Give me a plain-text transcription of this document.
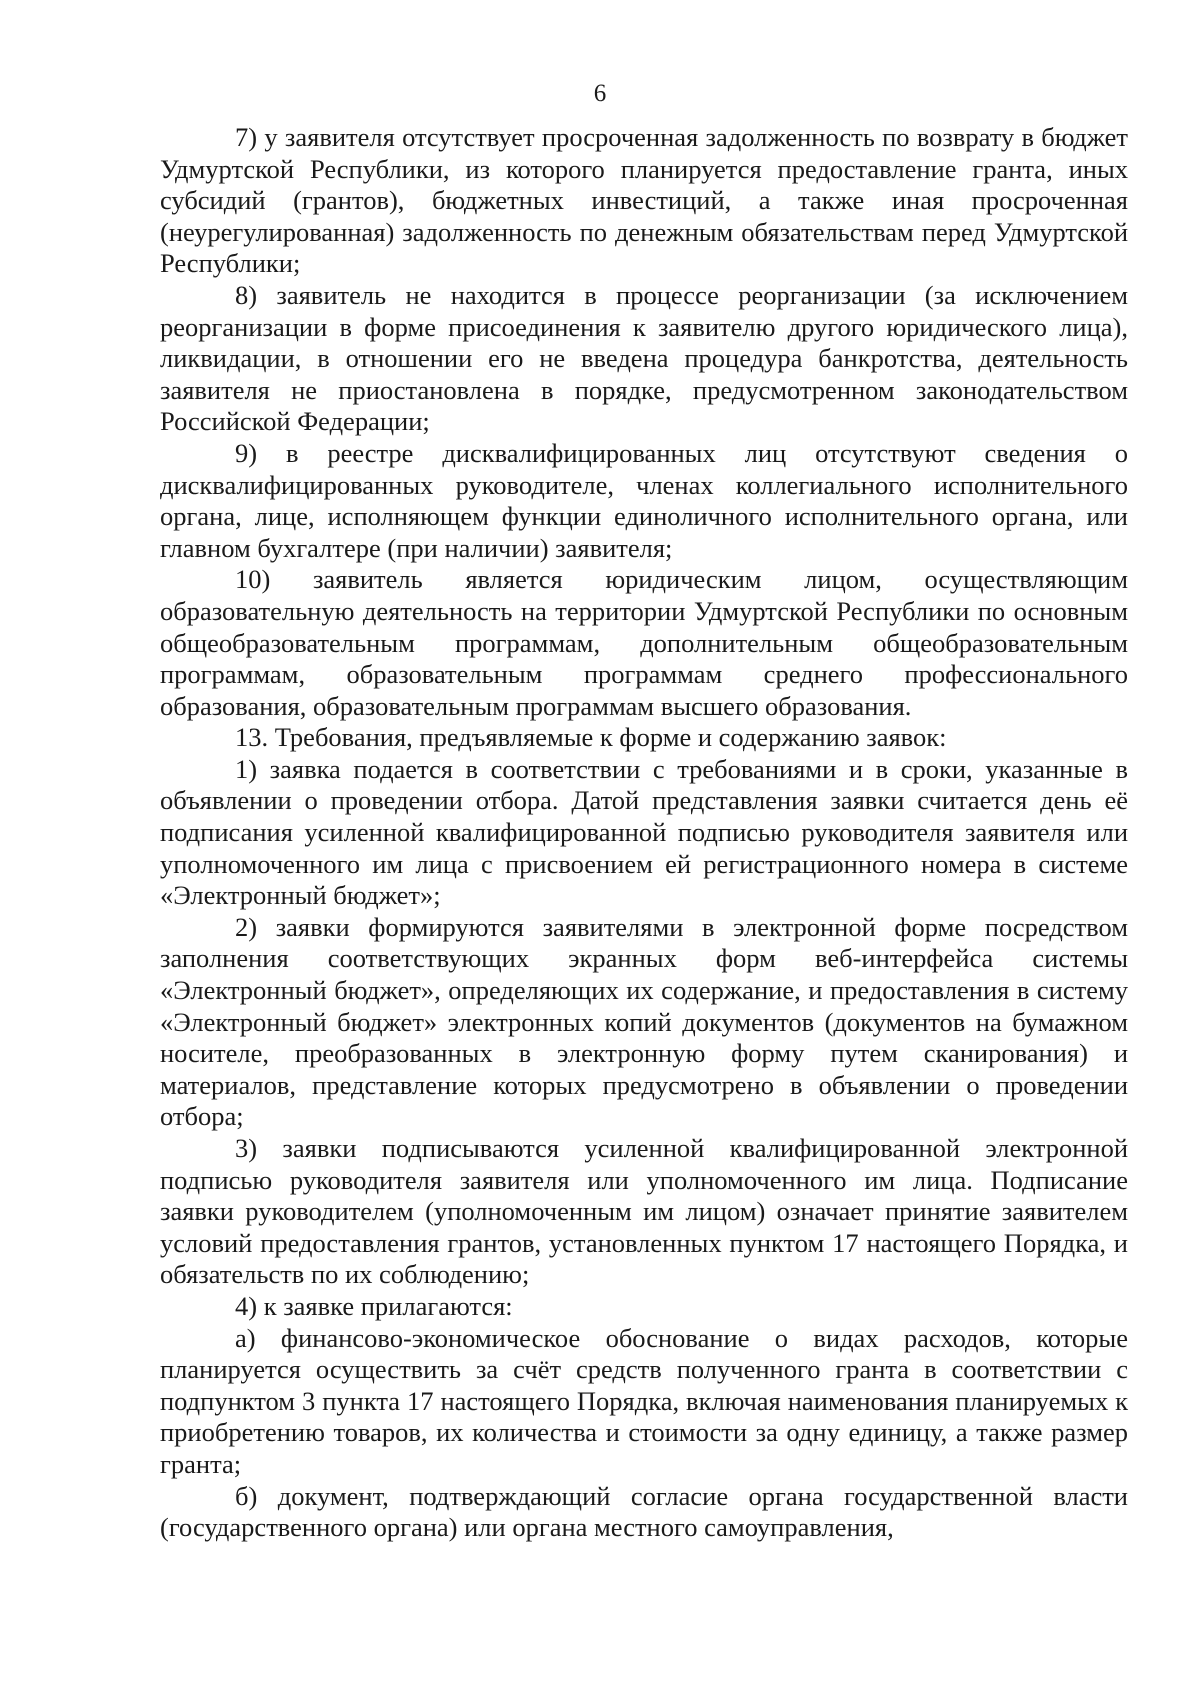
6

7) у заявителя отсутствует просроченная задолженность по возврату в бюджет Удмуртской Республики, из которого планируется предоставление гранта, иных субсидий (грантов), бюджетных инвестиций, а также иная просроченная (неурегулированная) задолженность по денежным обязательствам перед Удмуртской Республики;

8) заявитель не находится в процессе реорганизации (за исключением реорганизации в форме присоединения к заявителю другого юридического лица), ликвидации, в отношении его не введена процедура банкротства, деятельность заявителя не приостановлена в порядке, предусмотренном законодательством Российской Федерации;

9) в реестре дисквалифицированных лиц отсутствуют сведения о дисквалифицированных руководителе, членах коллегиального исполнительного органа, лице, исполняющем функции единоличного исполнительного органа, или главном бухгалтере (при наличии) заявителя;

10) заявитель является юридическим лицом, осуществляющим образовательную деятельность на территории Удмуртской Республики по основным общеобразовательным программам, дополнительным общеобразовательным программам, образовательным программам среднего профессионального образования, образовательным программам высшего образования.

13. Требования, предъявляемые к форме и содержанию заявок:

1) заявка подается в соответствии с требованиями и в сроки, указанные в объявлении о проведении отбора. Датой представления заявки считается день её подписания усиленной квалифицированной подписью руководителя заявителя или уполномоченного им лица с присвоением ей регистрационного номера в системе «Электронный бюджет»;

2) заявки формируются заявителями в электронной форме посредством заполнения соответствующих экранных форм веб-интерфейса системы «Электронный бюджет», определяющих их содержание, и предоставления в систему «Электронный бюджет» электронных копий документов (документов на бумажном носителе, преобразованных в электронную форму путем сканирования) и материалов, представление которых предусмотрено в объявлении о проведении отбора;

3) заявки подписываются усиленной квалифицированной электронной подписью руководителя заявителя или уполномоченного им лица. Подписание заявки руководителем (уполномоченным им лицом) означает принятие заявителем условий предоставления грантов, установленных пунктом 17 настоящего Порядка, и обязательств по их соблюдению;

4) к заявке прилагаются:

а) финансово-экономическое обоснование о видах расходов, которые планируется осуществить за счёт средств полученного гранта в соответствии с подпунктом 3 пункта 17 настоящего Порядка, включая наименования планируемых к приобретению товаров, их количества и стоимости за одну единицу, а также размер гранта;

б) документ, подтверждающий согласие органа государственной власти (государственного органа) или органа местного самоуправления,
